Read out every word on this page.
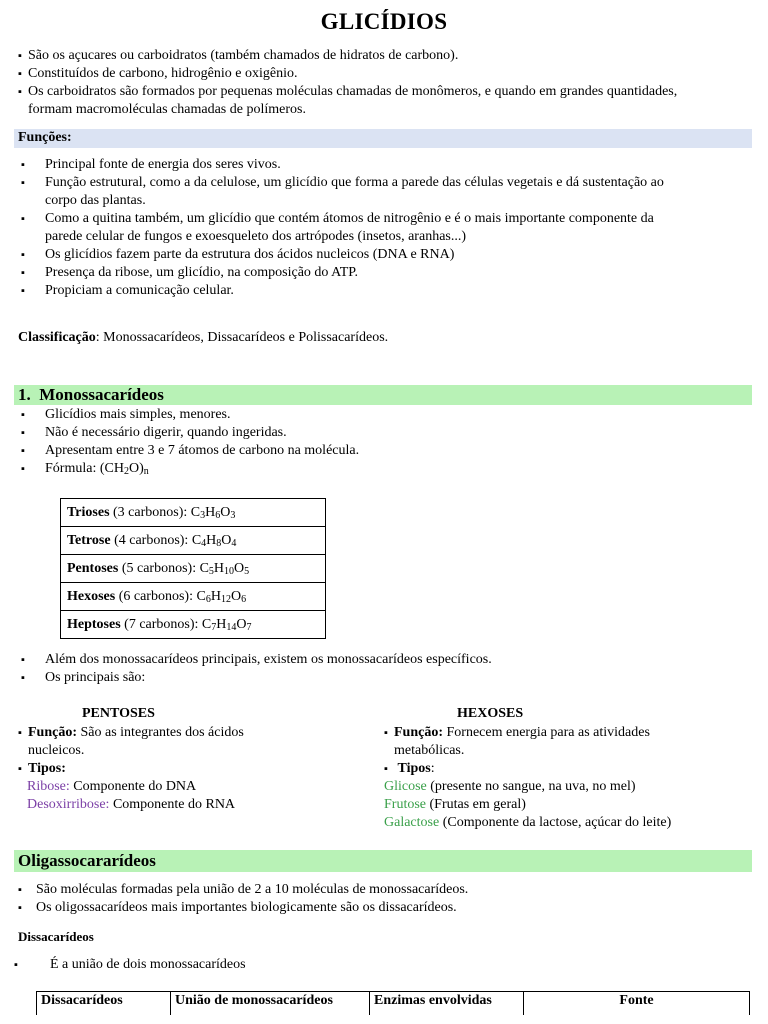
GLICÍDIOS
▪ São os açucares ou carboidratos (também chamados de hidratos de carbono).
▪ Constituídos de carbono, hidrogênio e oxigênio.
▪ Os carboidratos são formados por pequenas moléculas chamadas de monômeros, e quando em grandes quantidades,
formam macromoléculas chamadas de polímeros.
Funções:
▪ Principal fonte de energia dos seres vivos.
▪ Função estrutural, como a da celulose, um glicídio que forma a parede das células vegetais e dá sustentação ao
corpo das plantas.
▪ Como a quitina também, um glicídio que contém átomos de nitrogênio e é o mais importante componente da
parede celular de fungos e exoesqueleto dos artrópodes (insetos, aranhas...)
▪ Os glicídios fazem parte da estrutura dos ácidos nucleicos (DNA e RNA)
▪ Presença da ribose, um glicídio, na composição do ATP.
▪ Propiciam a comunicação celular.
Classificação: Monossacarídeos, Dissacarídeos e Polissacarídeos.
1. Monossacarídeos
▪ Glicídios mais simples, menores.
▪ Não é necessário digerir, quando ingeridas.
▪ Apresentam entre 3 e 7 átomos de carbono na molécula.
▪ Fórmula: $(CH_2O)_n$
Trioses (3 carbonos): $C_3H_6O_3$
Tetrose (4 carbonos): $C_4H_8O_4$
Pentoses (5 carbonos): $C_5H_{10}O_5$
Hexoses (6 carbonos): $C_6H_{12}O_6$
Heptoses (7 carbonos): $C_7H_{14}O_7$
▪ Além dos monossacarídeos principais, existem os monossacarídeos específicos.
▪ Os principais são:
PENTOSES
▪ Função: São as integrantes dos ácidos
nucleicos.
▪ Tipos:
Ribose: Componente do DNA
Desoxirribose: Componente do RNA
HEXOSES
▪ Função: Fornecem energia para as atividades
metabólicas.
▪ Tipos:
Glicose (presente no sangue, na uva, no mel)
Frutose (Frutas em geral)
Galactose (Componente da lactose, açúcar do leite)
Oligassocararídeos
▪ São moléculas formadas pela união de 2 a 10 moléculas de monossacarídeos.
▪ Os oligossacarídeos mais importantes biologicamente são os dissacarídeos.
Dissacarídeos
▪ É a união de dois monossacarídeos
Dissacarídeos	União de monossacarídeos	Enzimas envolvidas	Fonte
